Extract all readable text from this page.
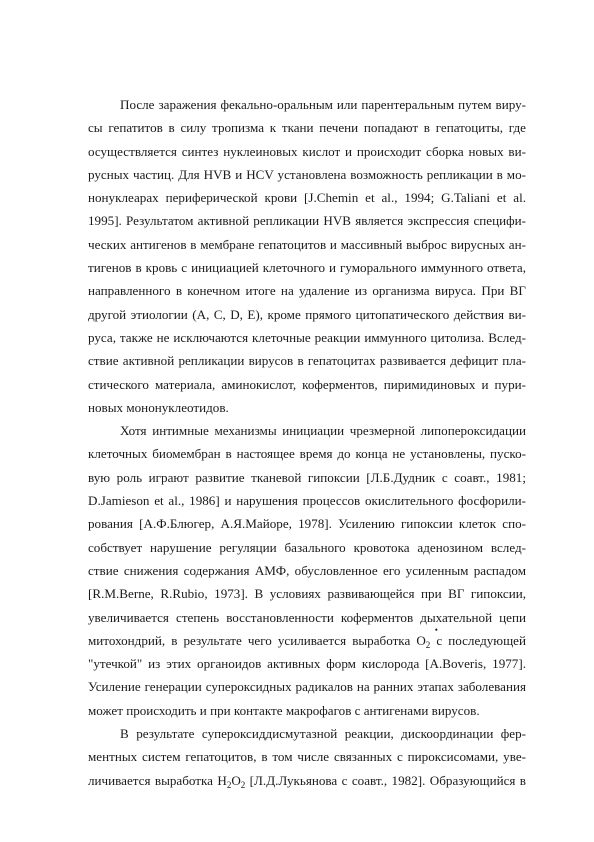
После заражения фекально-оральным или парентеральным путем виру-
сы гепатитов в силу тропизма к ткани печени попадают в гепатоциты, где
осуществляется синтез нуклеиновых кислот и происходит сборка новых ви-
русных частиц. Для HVB и HCV установлена возможность репликации в мо-
нонуклеарах периферической крови [J.Chemin et al., 1994; G.Taliani et al.
1995]. Результатом активной репликации HVB является экспрессия специфи-
ческих антигенов в мембране гепатоцитов и массивный выброс вирусных ан-
тигенов в кровь с инициацией клеточного и гуморального иммунного ответа,
направленного в конечном итоге на удаление из организма вируса. При ВГ
другой этиологии (А, С, D, E), кроме прямого цитопатического действия ви-
руса, также не исключаются клеточные реакции иммунного цитолиза. Вслед-
ствие активной репликации вирусов в гепатоцитах развивается дефицит пла-
стического материала, аминокислот, коферментов, пиримидиновых и пури-
новых мононуклеотидов.
Хотя интимные механизмы инициации чрезмерной липопероксидации
клеточных биомембран в настоящее время до конца не установлены, пуско-
вую роль играют развитие тканевой гипоксии [Л.Б.Дудник с соавт., 1981;
D.Jamieson et al., 1986] и нарушения процессов окислительного фосфорили-
рования [А.Ф.Блюгер, А.Я.Майоре, 1978]. Усилению гипоксии клеток спо-
собствует нарушение регуляции базального кровотока аденозином вслед-
ствие снижения содержания АМФ, обусловленное его усиленным распадом
[R.M.Berne, R.Rubio, 1973]. В условиях развивающейся при ВГ гипоксии,
увеличивается степень восстановленности коферментов дыхательной цепи
митохондрий, в результате чего усиливается выработка O
•
$_2$ с последующей
"утечкой" из этих органоидов активных форм кислорода [A.Boveris, 1977].
Усиление генерации супероксидных радикалов на ранних этапах заболевания
может происходить и при контакте макрофагов с антигенами вирусов.
В результате супероксиддисмутазной реакции, дискоординации фер-
ментных систем гепатоцитов, в том числе связанных с пироксисомами, уве-
личивается выработка $H_2O_2$ [Л.Д.Лукьянова с соавт., 1982]. Образующийся в
